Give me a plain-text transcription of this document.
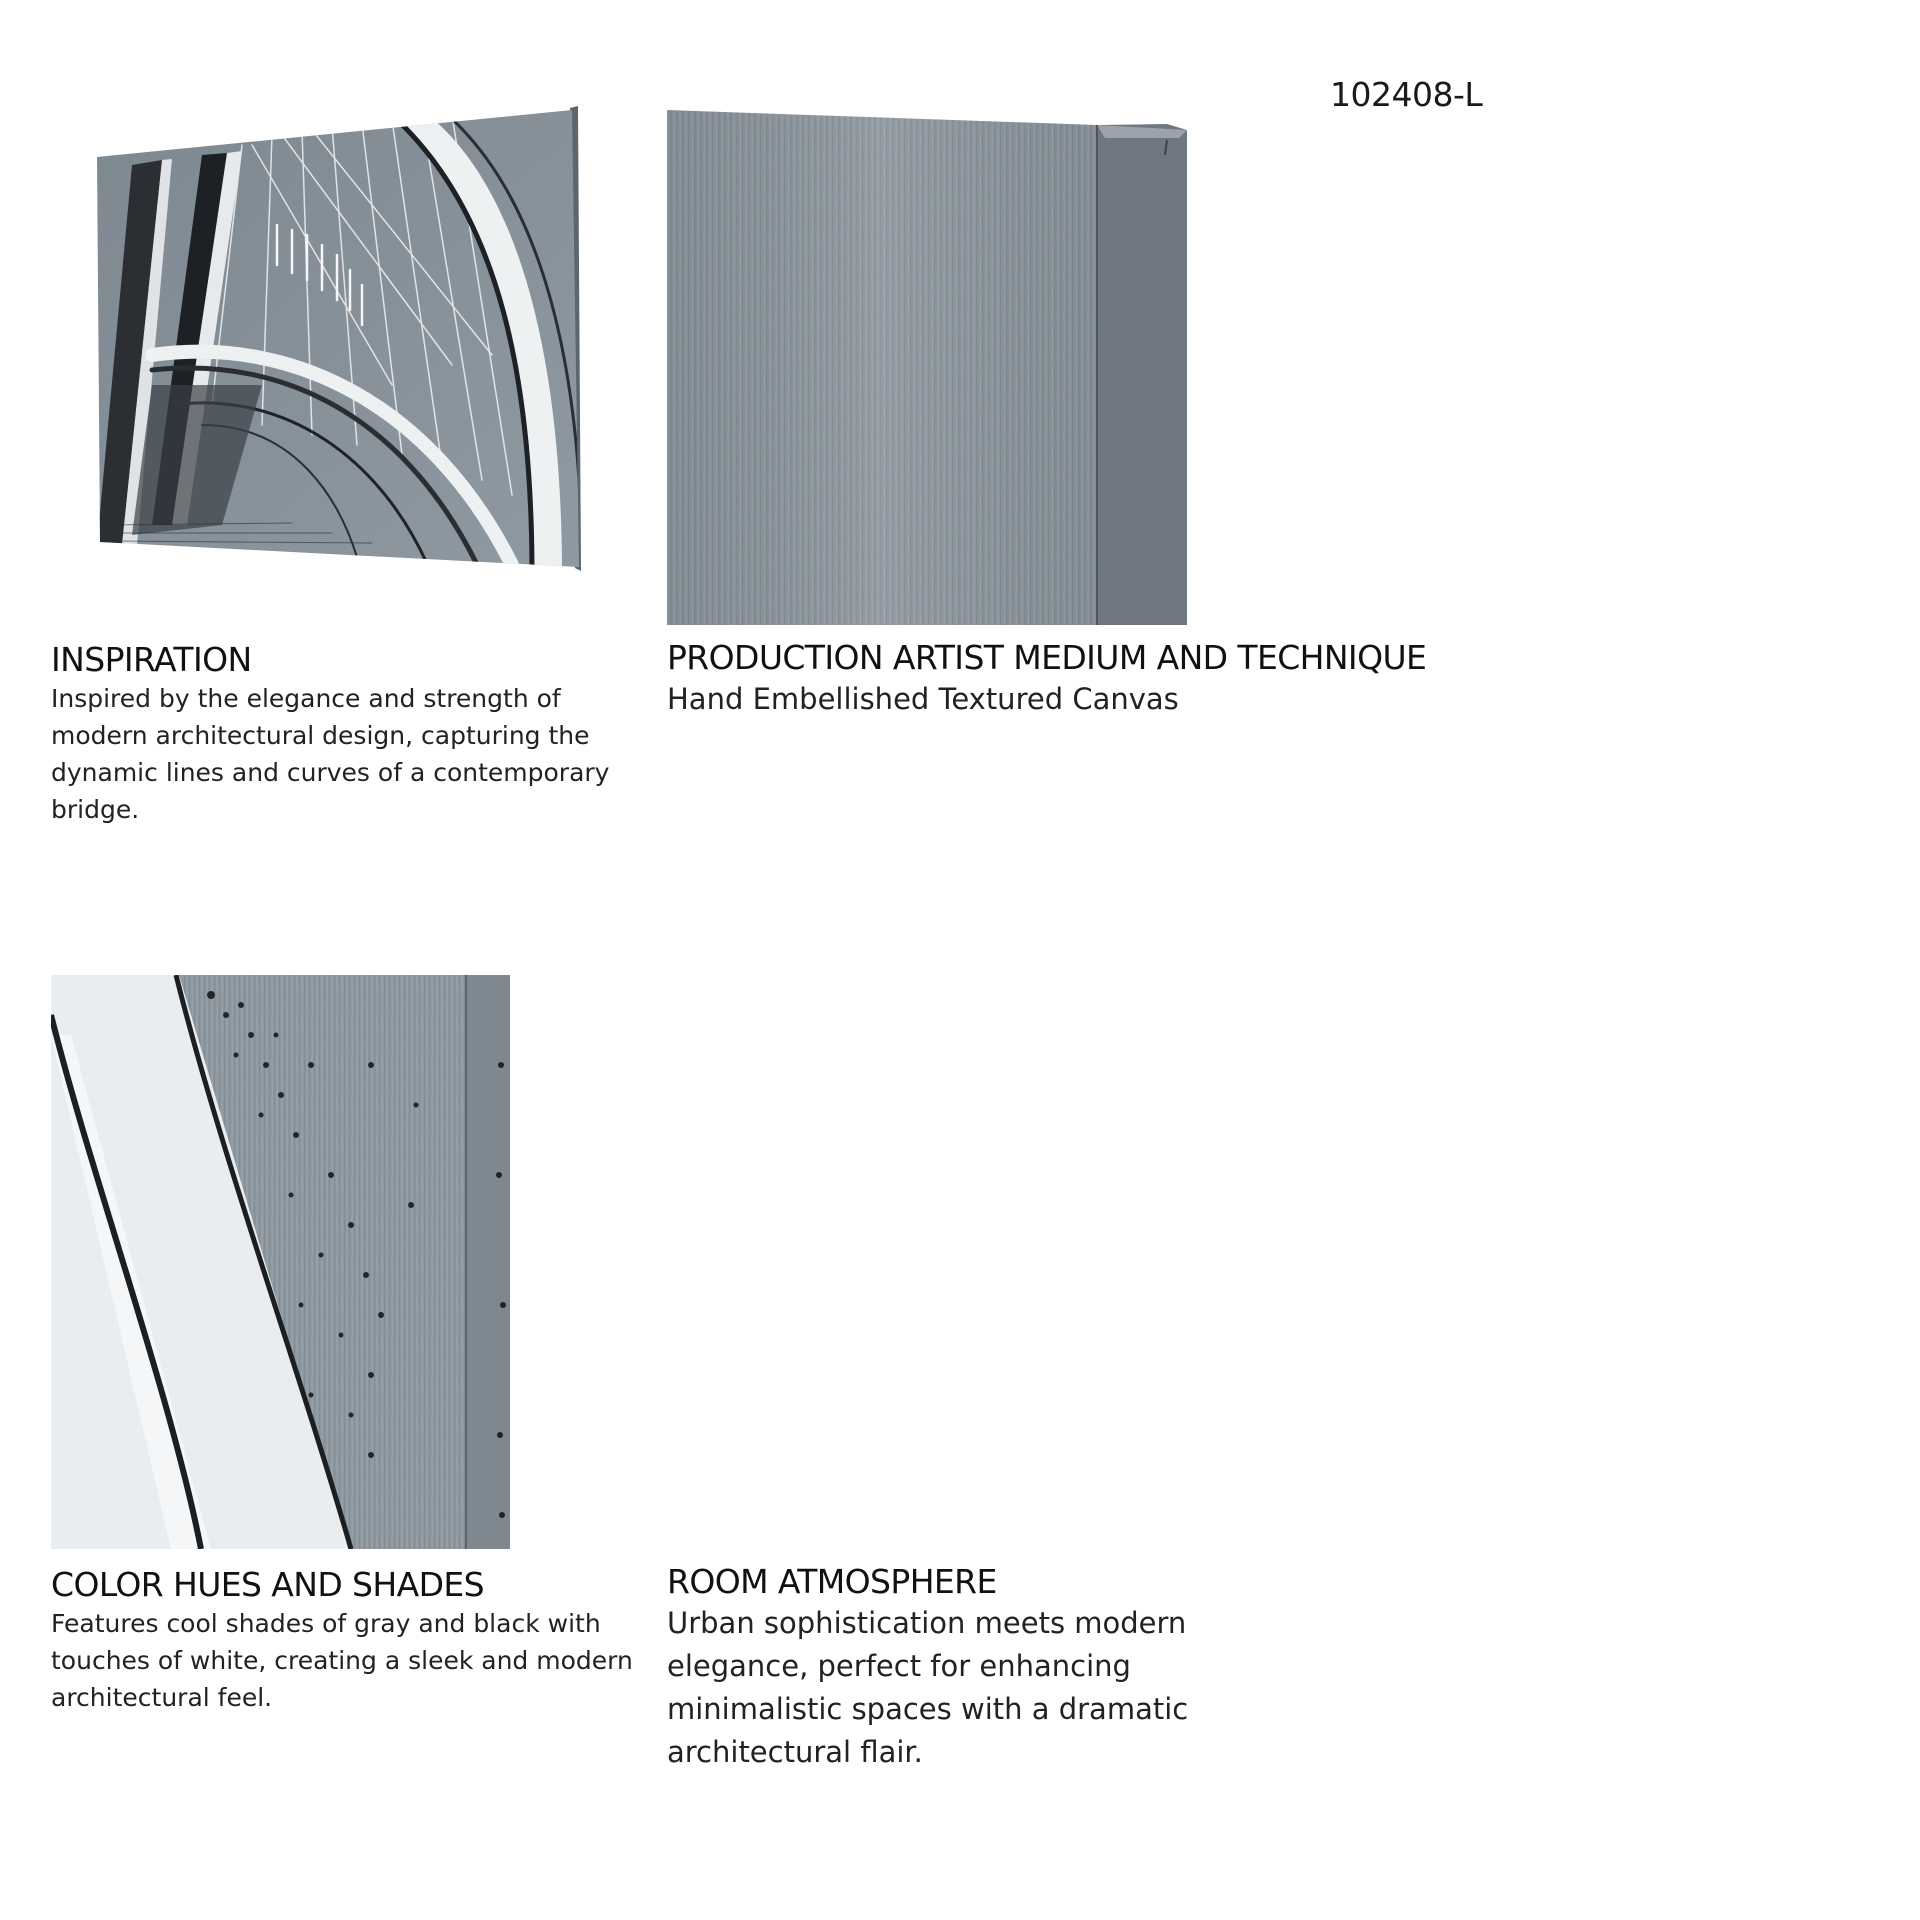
102408-L
INSPIRATION

Inspired by the elegance and strength of modern architectural design, capturing the dynamic lines and curves of a contemporary bridge.

PRODUCTION ARTIST MEDIUM AND TECHNIQUE

Hand Embellished Textured Canvas

COLOR HUES AND SHADES

Features cool shades of gray and black with touches of white, creating a sleek and modern architectural feel.

ROOM ATMOSPHERE

Urban sophistication meets modern elegance, perfect for enhancing minimalistic spaces with a dramatic architectural flair.
